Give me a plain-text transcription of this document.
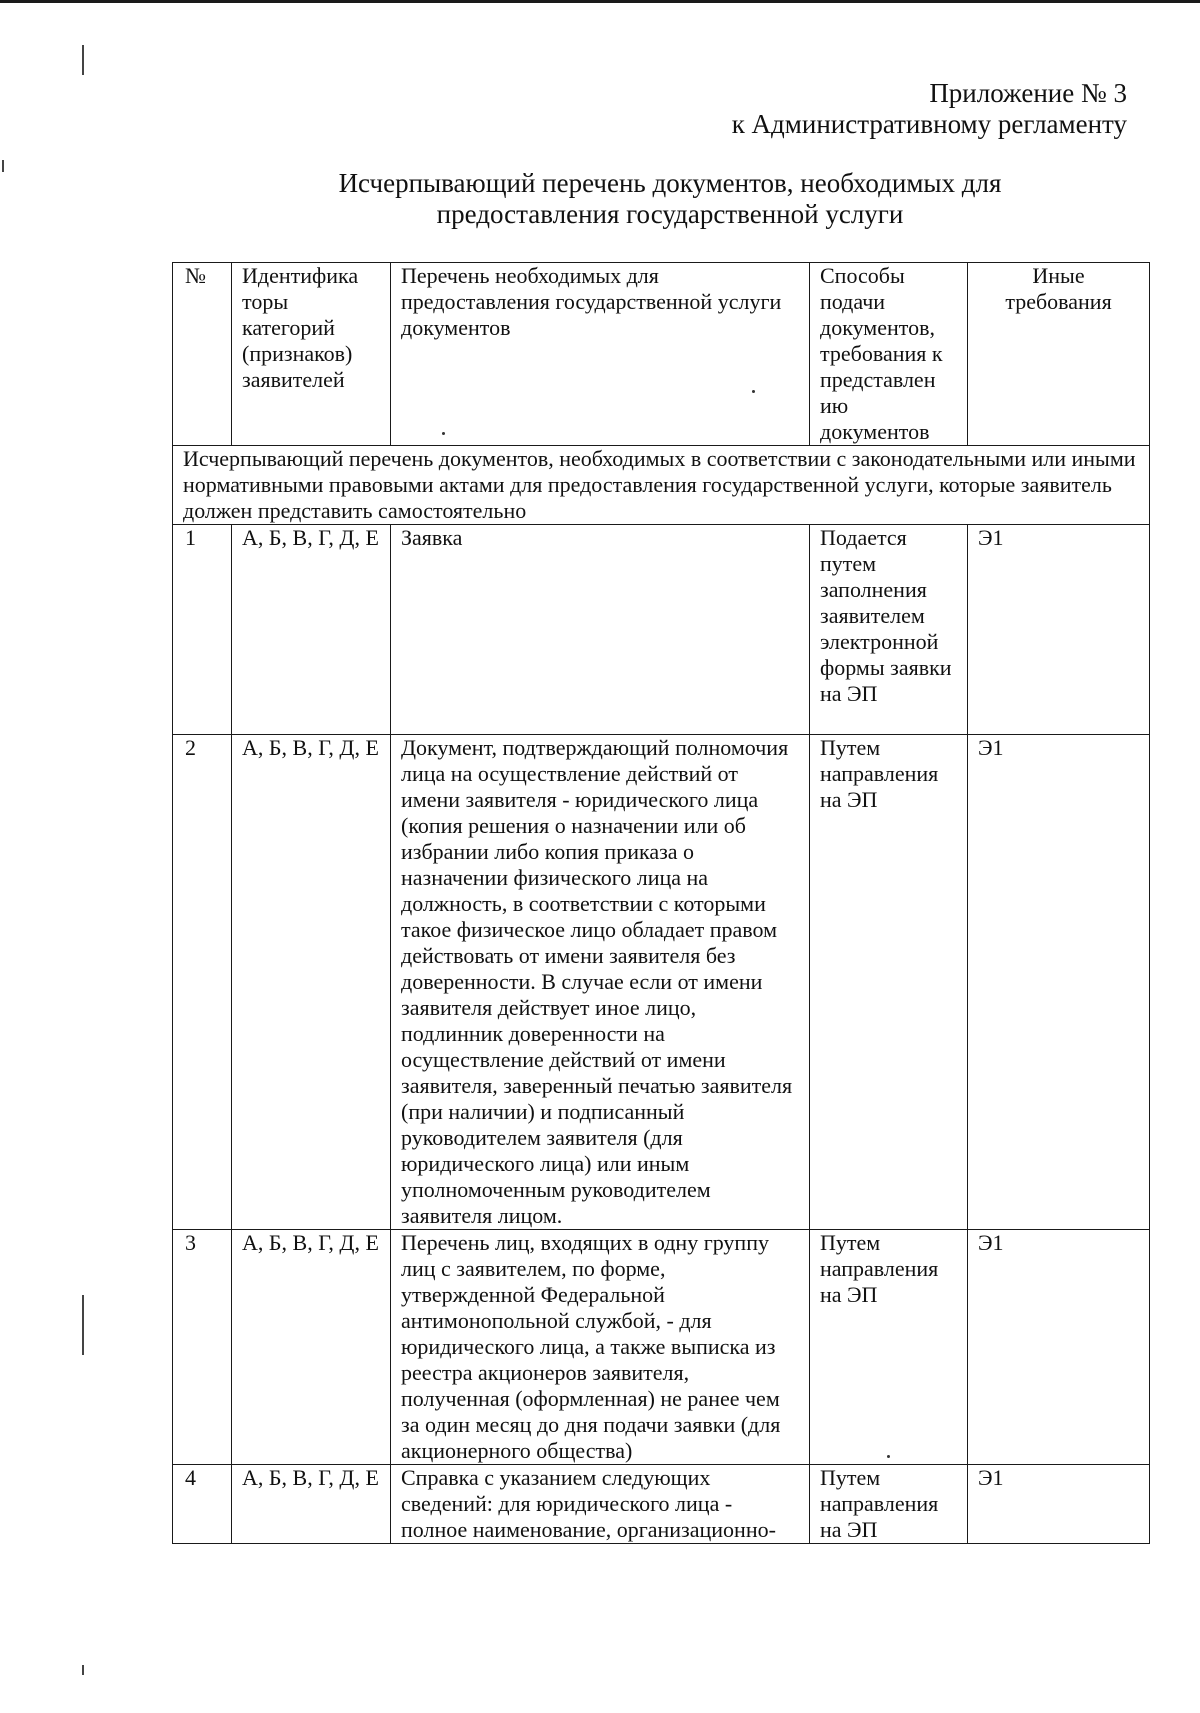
Приложение № 3
к Административному регламенту
Исчерпывающий перечень документов, необходимых для
предоставления государственной услуги
№	Идентифика торы категорий (признаков) заявителей	Перечень необходимых для предоставления государственной услуги документов	Способы подачи документов, требования к представлен ию документов	Иные требования
Исчерпывающий перечень документов, необходимых в соответствии с законодательными или иными нормативными правовыми актами для предоставления государственной услуги, которые заявитель должен представить самостоятельно				
1	А, Б, В, Г, Д, Е	Заявка	Подается путем заполнения заявителем электронной формы заявки на ЭП	Э1
2	А, Б, В, Г, Д, Е	Документ, подтверждающий полномочия лица на осуществление действий от имени заявителя - юридического лица (копия решения о назначении или об избрании либо копия приказа о назначении физического лица на должность, в соответствии с которыми такое физическое лицо обладает правом действовать от имени заявителя без доверенности. В случае если от имени заявителя действует иное лицо, подлинник доверенности на осуществление действий от имени заявителя, заверенный печатью заявителя (при наличии) и подписанный руководителем заявителя (для юридического лица) или иным уполномоченным руководителем заявителя лицом.	Путем направления на ЭП	Э1
3	А, Б, В, Г, Д, Е	Перечень лиц, входящих в одну группу лиц с заявителем, по форме, утвержденной Федеральной антимонопольной службой, - для юридического лица, а также выписка из реестра акционеров заявителя, полученная (оформленная) не ранее чем за один месяц до дня подачи заявки (для акционерного общества)	Путем направления на ЭП	Э1
4	А, Б, В, Г, Д, Е	Справка с указанием следующих сведений: для юридического лица - полное наименование, организационно-	Путем направления на ЭП	Э1
